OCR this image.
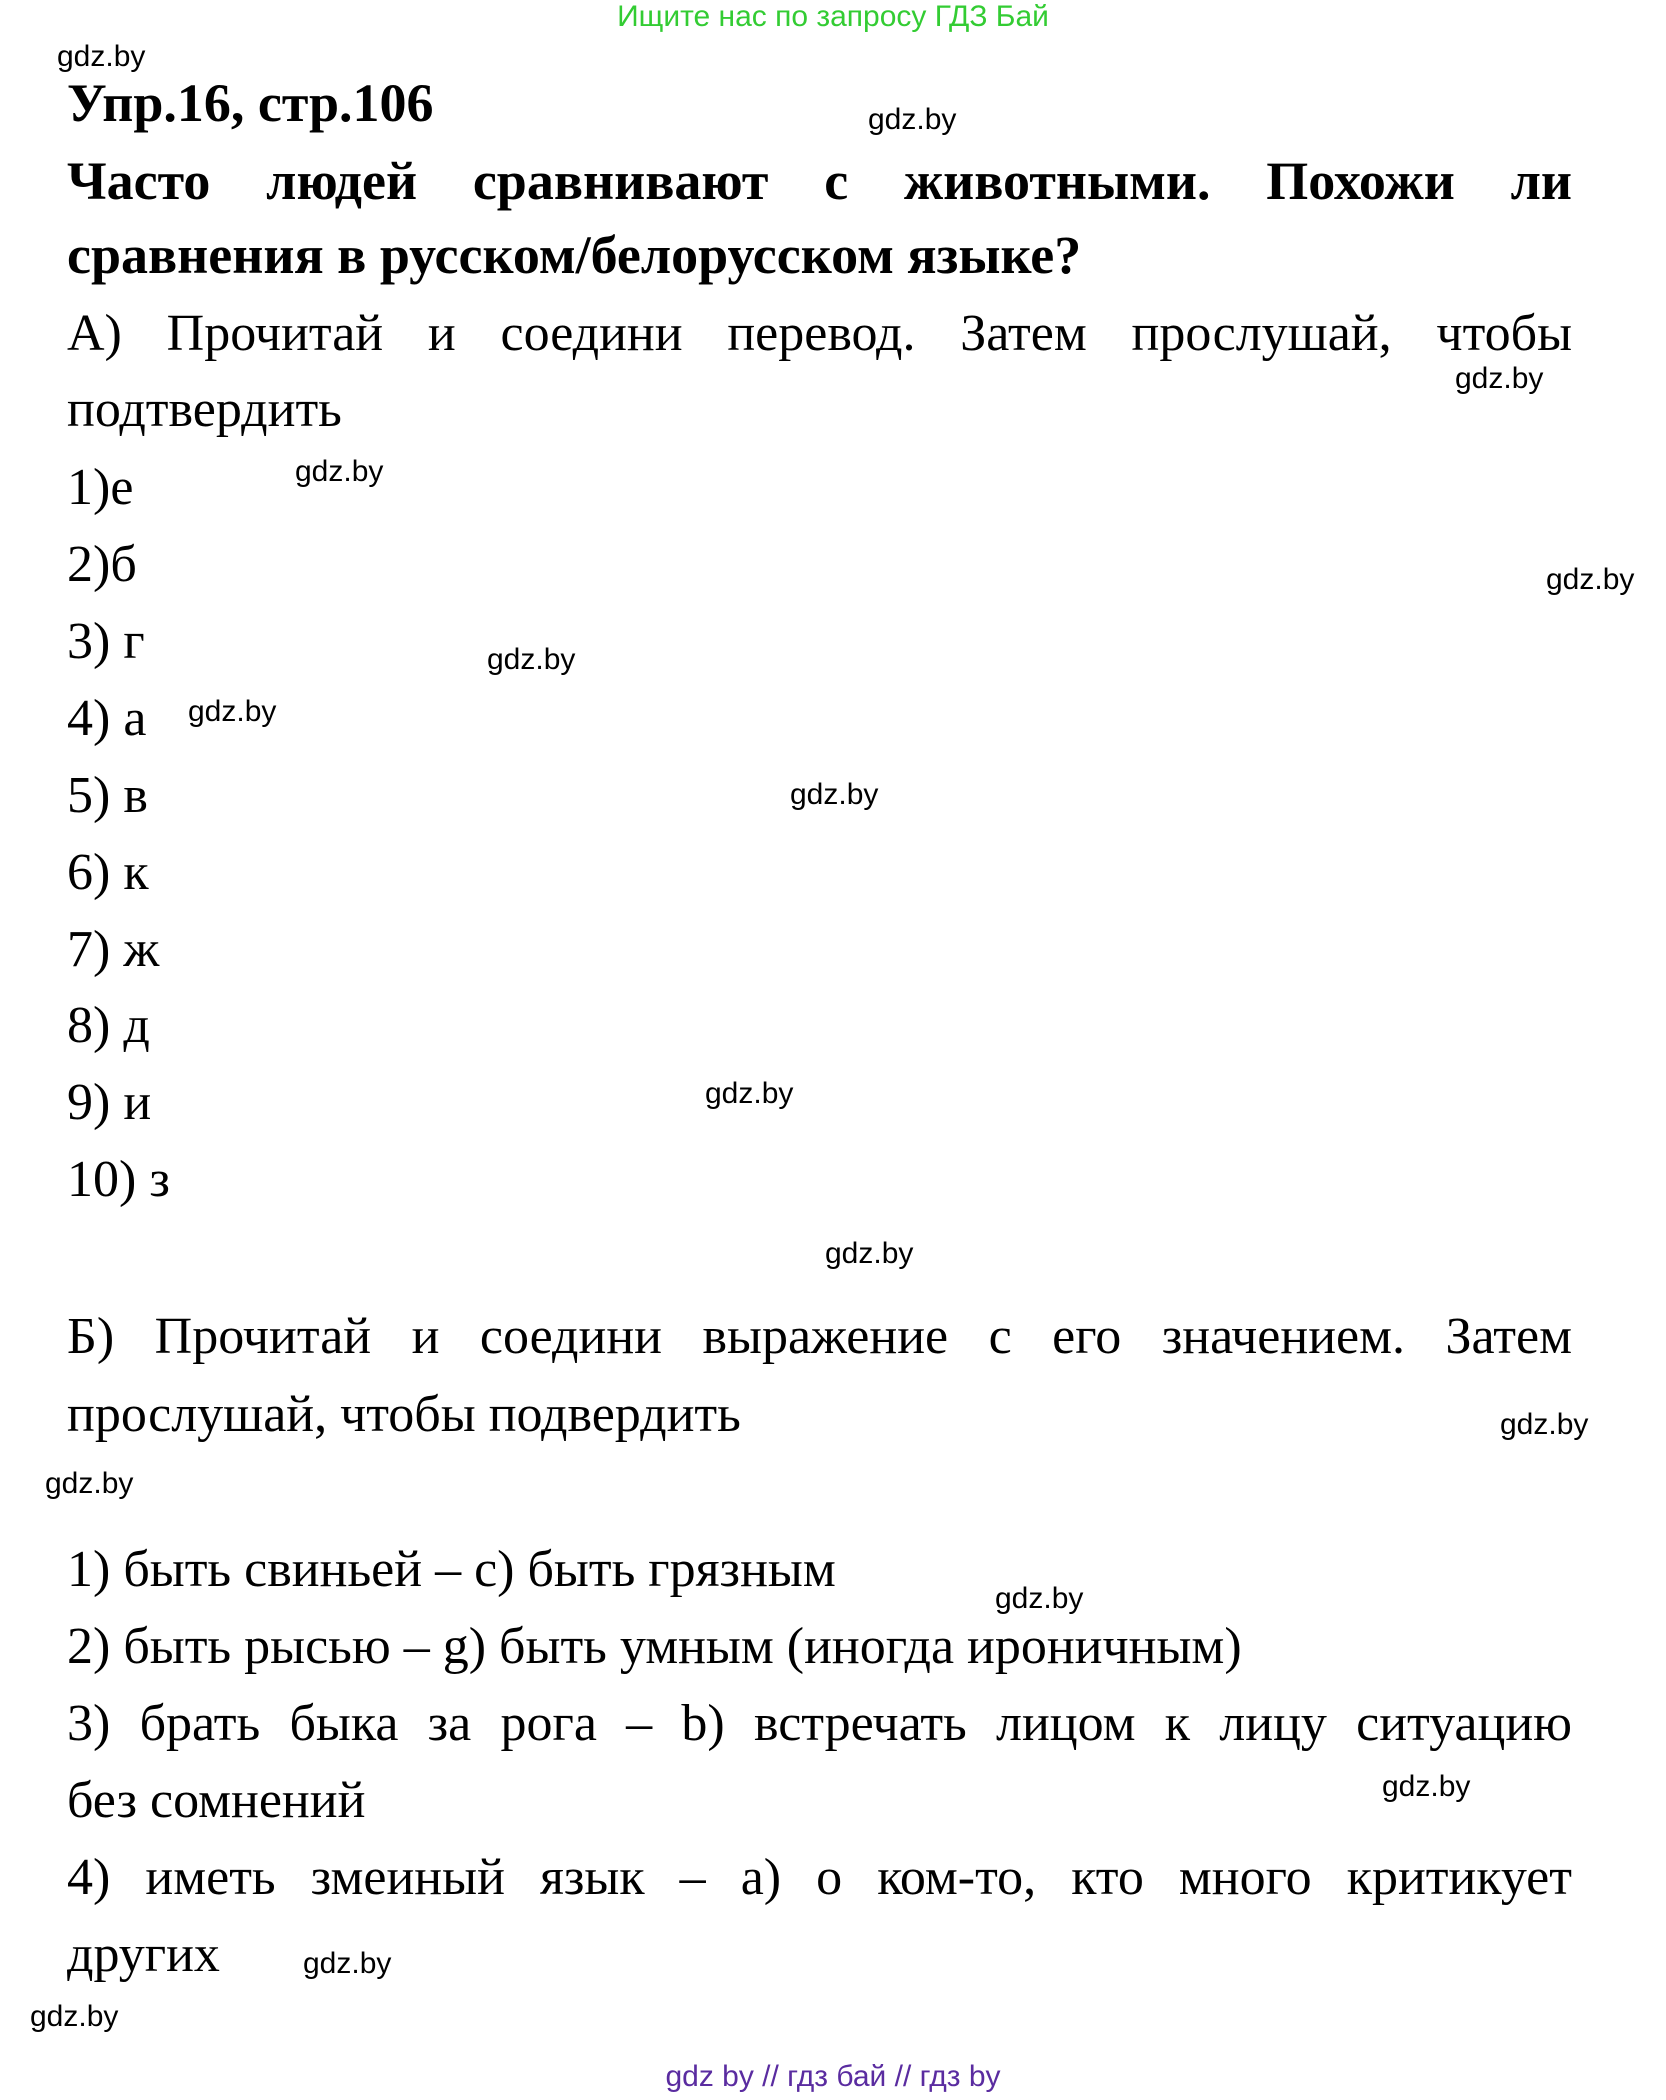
Ищите нас по запросу ГДЗ Бай
gdz.by
gdz.by
gdz.by
gdz.by
gdz.by
gdz.by
gdz.by
gdz.by
gdz.by
gdz.by
gdz.by
gdz.by
gdz.by
gdz.by
gdz.by
gdz.by
Упр.16, стр.106
Часто людей сравнивают с животными. Похожи ли
сравнения в русском/белорусском языке?
А) Прочитай и соедини перевод. Затем прослушай, чтобы
подтвердить
1)е
2)б
3) г
4) а
5) в
6) к
7) ж
8) д
9) и
10) з
Б) Прочитай и соедини выражение с его значением. Затем
прослушай, чтобы подвердить
1) быть свиньей – c) быть грязным
2) быть рысью – g) быть умным (иногда ироничным)
3) брать быка за рога – b) встречать лицом к лицу ситуацию
без сомнений
4) иметь змеиный язык – a) о ком-то, кто много критикует
других
gdz by // гдз бай // гдз by
